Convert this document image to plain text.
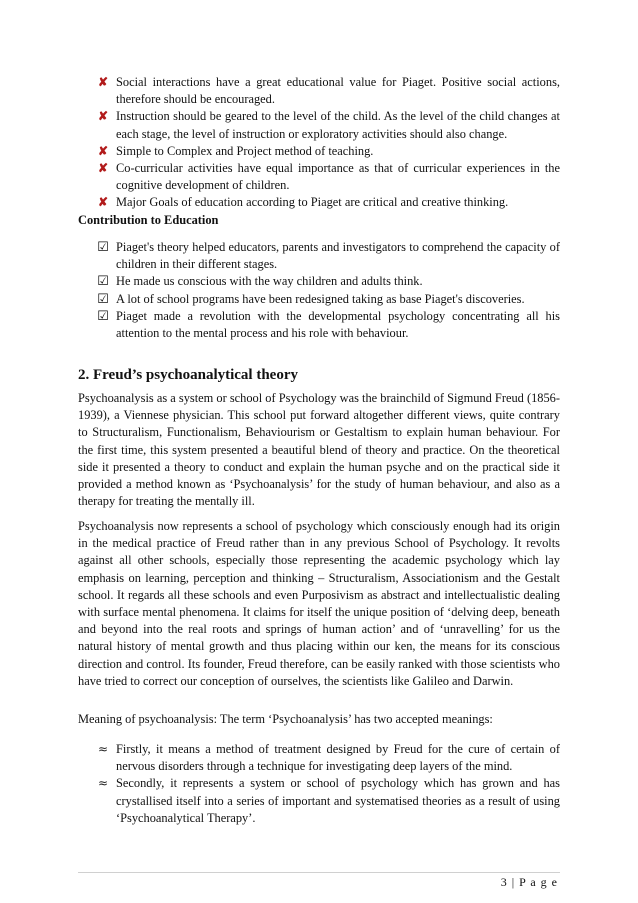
✘ Social interactions have a great educational value for Piaget. Positive social actions, therefore should be encouraged.
✘ Instruction should be geared to the level of the child. As the level of the child changes at each stage, the level of instruction or exploratory activities should also change.
✘ Simple to Complex and Project method of teaching.
✘ Co-curricular activities have equal importance as that of curricular experiences in the cognitive development of children.
✘ Major Goals of education according to Piaget are critical and creative thinking.
Contribution to Education
☑ Piaget's theory helped educators, parents and investigators to comprehend the capacity of children in their different stages.
☑ He made us conscious with the way children and adults think.
☑ A lot of school programs have been redesigned taking as base Piaget's discoveries.
☑ Piaget made a revolution with the developmental psychology concentrating all his attention to the mental process and his role with behaviour.
2. Freud’s psychoanalytical theory

Psychoanalysis as a system or school of Psychology was the brainchild of Sigmund Freud (1856-1939), a Viennese physician. This school put forward altogether different views, quite contrary to Structuralism, Functionalism, Behaviourism or Gestaltism to explain human behaviour. For the first time, this system presented a beautiful blend of theory and practice. On the theoretical side it presented a theory to conduct and explain the human psyche and on the practical side it provided a method known as ‘Psychoanalysis’ for the study of human behaviour, and also as a therapy for treating the mentally ill.

Psychoanalysis now represents a school of psychology which consciously enough had its origin in the medical practice of Freud rather than in any previous School of Psychology. It revolts against all other schools, especially those representing the academic psychology which lay emphasis on learning, perception and thinking – Structuralism, Associationism and the Gestalt school. It regards all these schools and even Purposivism as abstract and intellectualistic dealing with surface mental phenomena. It claims for itself the unique position of ‘delving deep, beneath and beyond into the real roots and springs of human action’ and of ‘unravelling’ for us the natural history of mental growth and thus placing within our ken, the means for its conscious direction and control. Its founder, Freud therefore, can be easily ranked with those scientists who have tried to correct our conception of ourselves, the scientists like Galileo and Darwin.

Meaning of psychoanalysis: The term ‘Psychoanalysis’ has two accepted meanings:

≈ Firstly, it means a method of treatment designed by Freud for the cure of certain of nervous disorders through a technique for investigating deep layers of the mind.
≈ Secondly, it represents a system or school of psychology which has grown and has crystallised itself into a series of important and systematised theories as a result of using ‘Psychoanalytical Therapy’.
3 | P a g e
